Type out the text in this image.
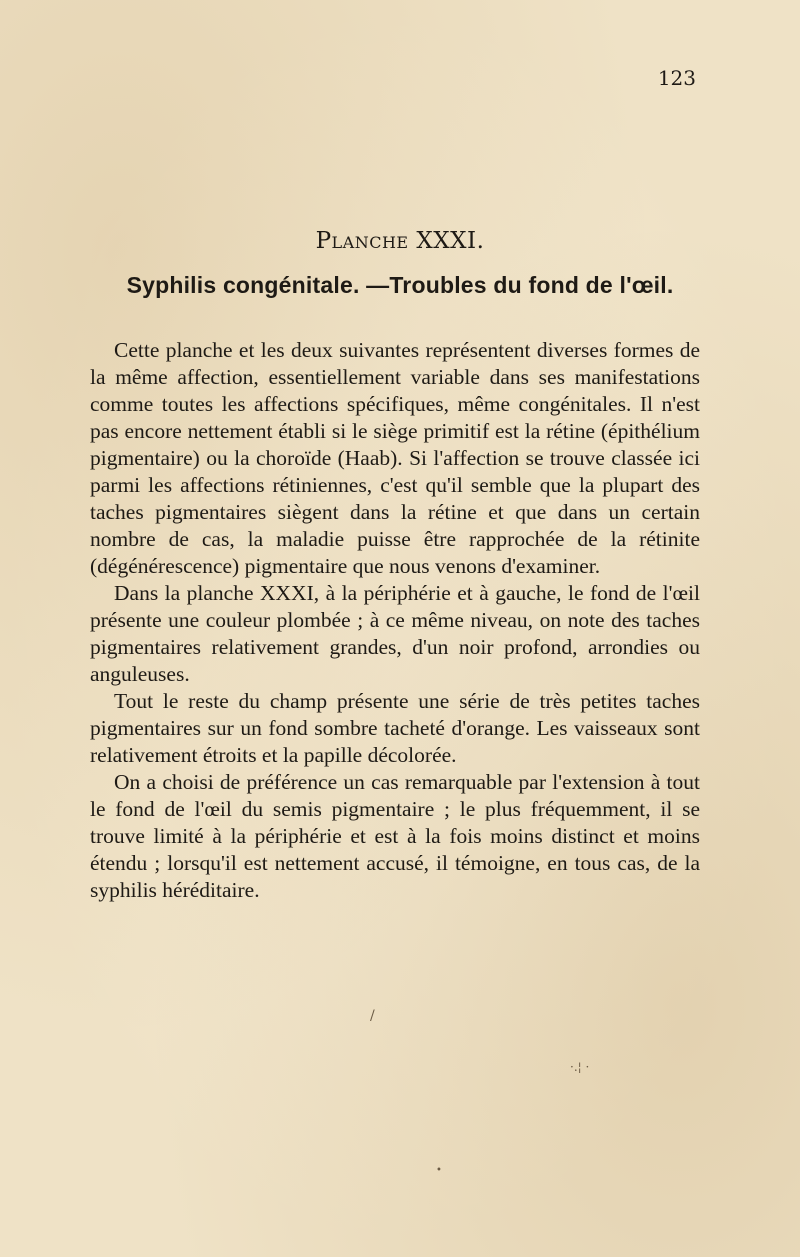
123
Planche XXXI.
Syphilis congénitale. —Troubles du fond de l'œil.

Cette planche et les deux suivantes représentent diverses formes de la même affection, essentiellement variable dans ses manifestations comme toutes les affections spécifiques, même congénitales. Il n'est pas encore nettement établi si le siège primitif est la rétine (épithélium pigmentaire) ou la choroïde (Haab). Si l'affection se trouve classée ici parmi les affections rétiniennes, c'est qu'il semble que la plupart des taches pigmentaires siègent dans la rétine et que dans un certain nombre de cas, la maladie puisse être rapprochée de la rétinite (dégénérescence) pigmentaire que nous venons d'examiner.

Dans la planche XXXI, à la périphérie et à gauche, le fond de l'œil présente une couleur plombée ; à ce même niveau, on note des taches pigmentaires relativement grandes, d'un noir profond, arrondies ou anguleuses.

Tout le reste du champ présente une série de très petites taches pigmentaires sur un fond sombre tacheté d'orange. Les vaisseaux sont relativement étroits et la papille décolorée.

On a choisi de préférence un cas remarquable par l'extension à tout le fond de l'œil du semis pigmentaire ; le plus fréquemment, il se trouve limité à la périphérie et est à la fois moins distinct et moins étendu ; lorsqu'il est nettement accusé, il témoigne, en tous cas, de la syphilis héréditaire.

/
·.¦ ·
•
